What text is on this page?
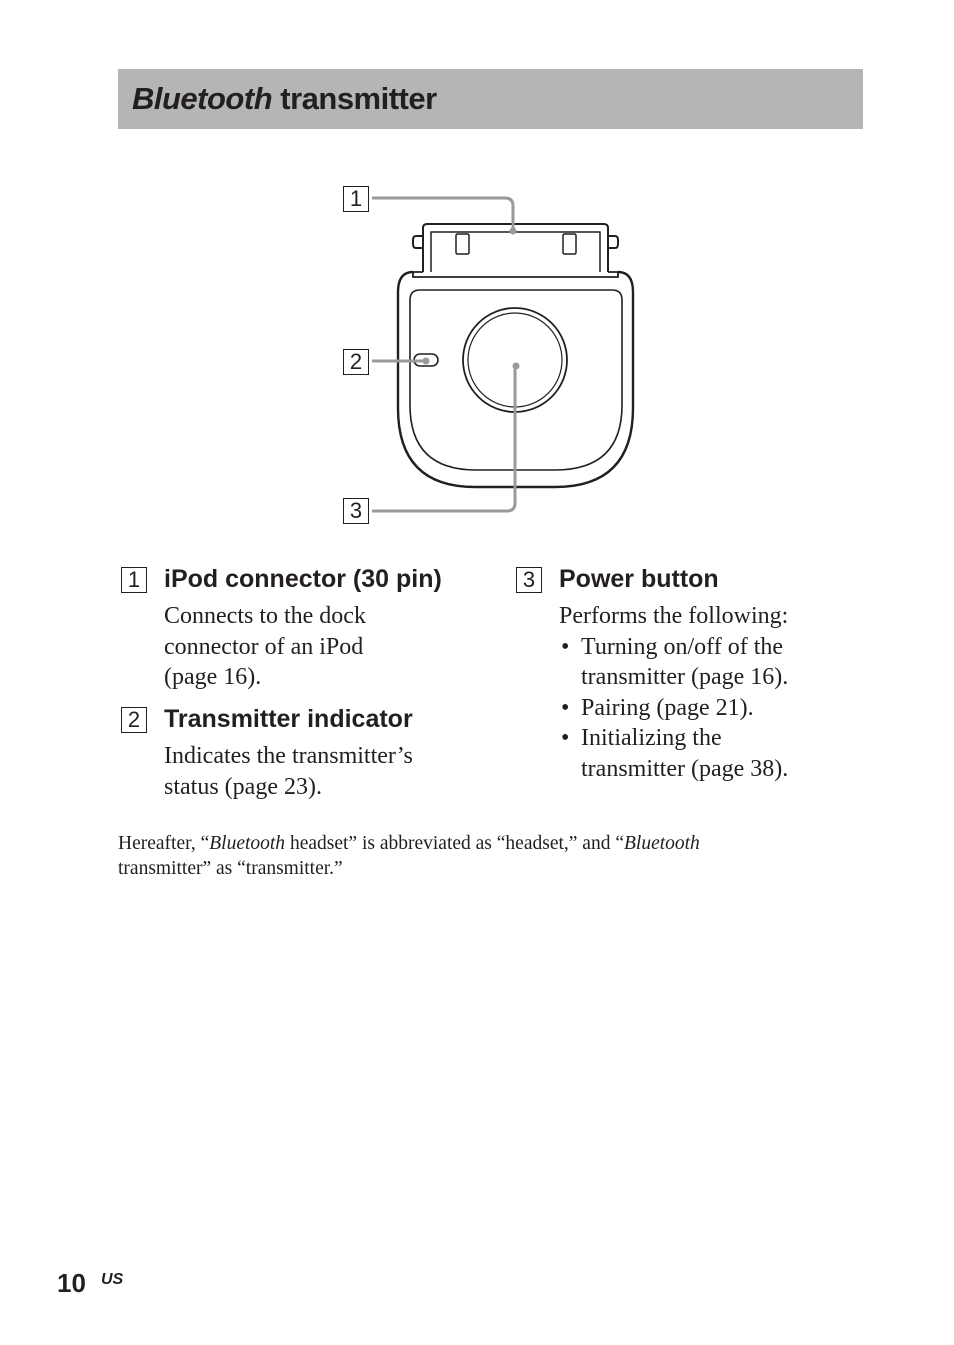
Bluetooth transmitter
1
2
3
1 iPod connector (30 pin)

Connects to the dock

connector of an iPod

(page 16).

2 Transmitter indicator

Indicates the transmitter’s

status (page 23).

3 Power button

Performs the following:

• Turning on/off of the
transmitter (page 16).
• Pairing (page 21).
• Initializing the
transmitter (page 38).
Hereafter, “Bluetooth headset” is abbreviated as “headset,” and “Bluetooth
transmitter” as “transmitter.”
10 US
